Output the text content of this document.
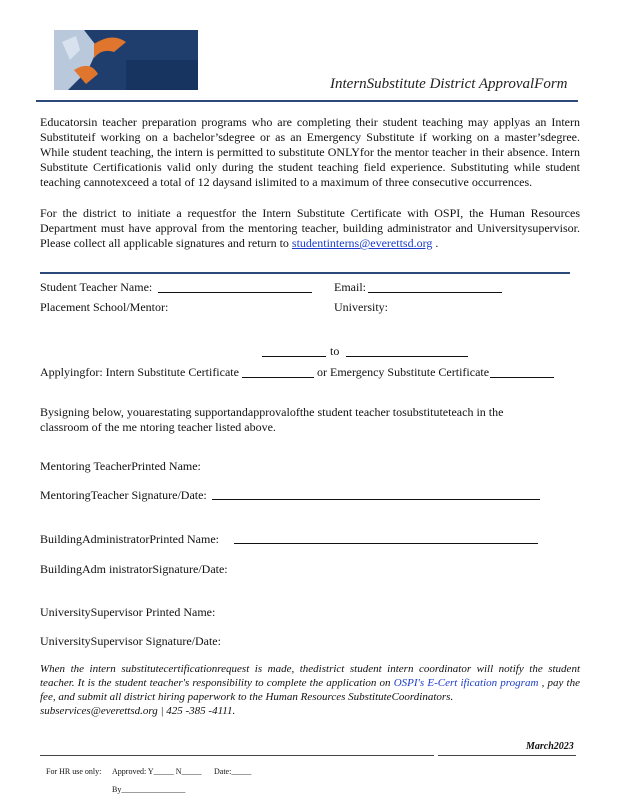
InternSubstitute District ApprovalForm
Educatorsin teacher preparation programs who are completing their student teaching may applyas an Intern Substituteif working on a bachelor’sdegree or as an Emergency Substitute if working on a master’sdegree. While student teaching, the intern is permitted to substitute ONLYfor the mentor teacher in their absence. Intern Substitute Certificationis valid only during the student teaching field experience. Substituting while student teaching cannotexceed a total of 12 daysand islimited to a maximum of three consecutive occurrences.
For the district to initiate a requestfor the Intern Substitute Certificate with OSPI, the Human Resources Department must have approval from the mentoring teacher, building administrator and Universitysupervisor. Please collect all applicable signatures and return to studentinterns@everettsd.org .
Student Teacher Name:	Email:
Placement School/Mentor:	University:
to
Applyingfor: Intern Substitute Certificate	or Emergency Substitute Certificate
Bysigning below, youarestating supportandapprovalofthe student teacher tosubstituteteach in the classroom of the me ntoring teacher listed above.
Mentoring TeacherPrinted Name:
MentoringTeacher Signature/Date:
BuildingAdministratorPrinted Name:
BuildingAdm inistratorSignature/Date:
UniversitySupervisor Printed Name:
UniversitySupervisor Signature/Date:
When the intern substitutecertificationrequest is made, thedistrict student intern coordinator will notify the student teacher. It is the student teacher's responsibility to complete the application on OSPI's E-Cert ification program , pay the fee, and submit all district hiring paperwork to the Human Resources SubstituteCoordinators.
subservices@everettsd.org | 425 -385 -4111.
March2023
For HR use only: Approved: Y_____ N_____ Date:_____
By________________
